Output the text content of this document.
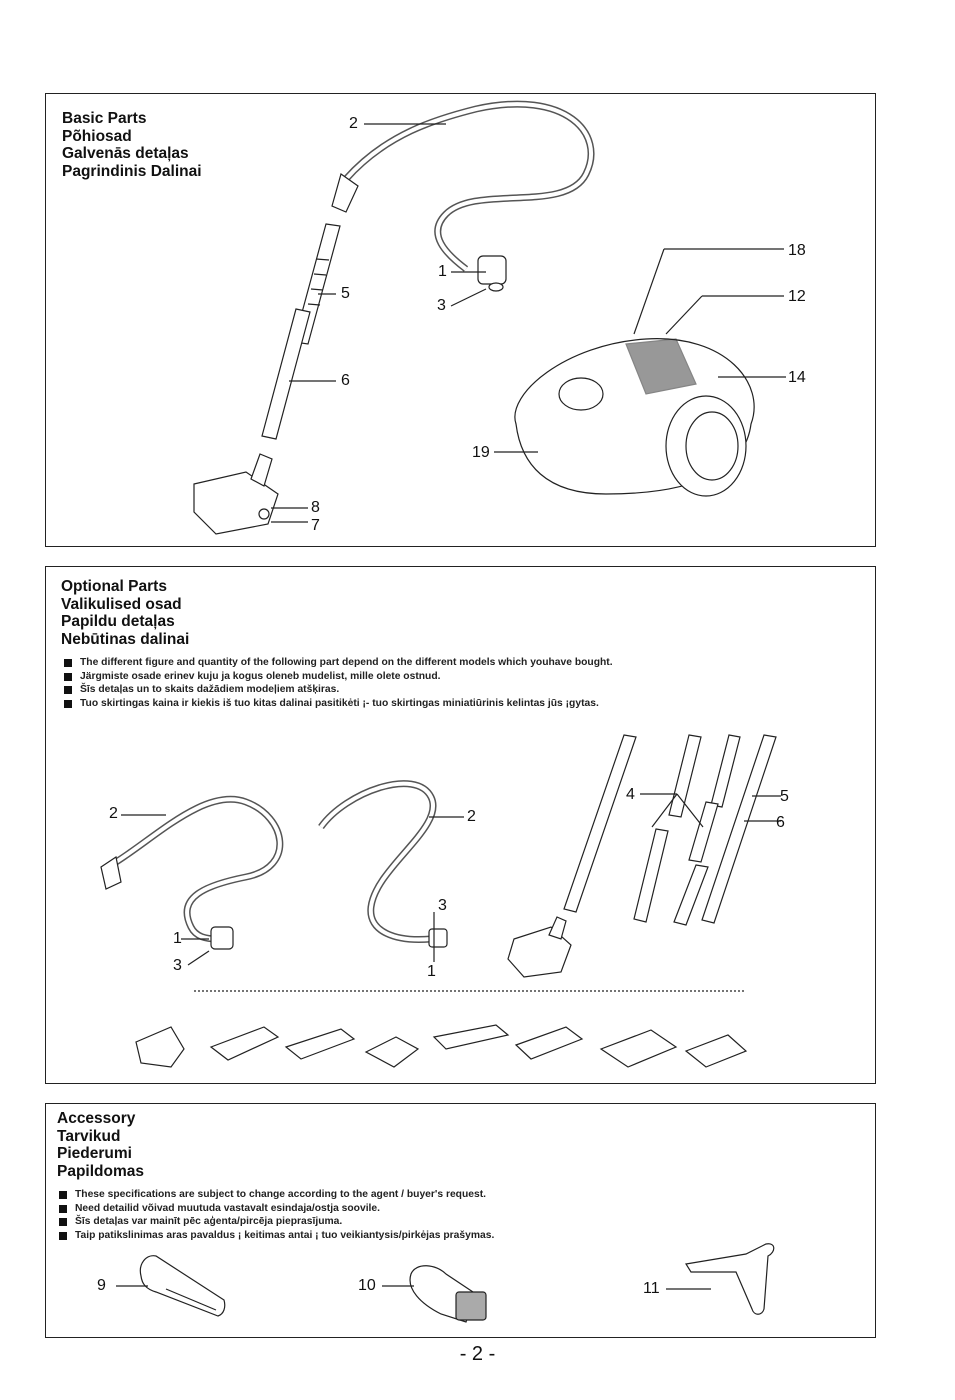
Basic Parts
Põhiosad
Galvenās detaļas
Pagrindinis Dalinai
2
1
3
5
6
8
7
18
12
14
19
Optional Parts
Valikulised osad
Papildu detaļas
Nebūtinas dalinai
The different figure and quantity of the following part depend on the different models which youhave bought.
Järgmiste osade erinev kuju ja kogus oleneb mudelist, mille olete ostnud.
Šīs detaļas un to skaits dažādiem modeļiem atšķiras.
Tuo skirtingas kaina ir kiekis iš tuo kitas dalinai pasitikėti ¡- tuo skirtingas miniatiūrinis kelintas jūs ¡gytas.
2
1
3
2
3
1
4	5
6
Accessory
Tarvikud
Piederumi
Papildomas
These specifications are subject to change according to the agent / buyer's request.
Need detailid võivad muutuda vastavalt esindaja/ostja soovile.
Šīs detaļas var mainīt pēc aģenta/pircēja pieprasījuma.
Taip patikslinimas aras pavaldus ¡ keitimas antai ¡ tuo veikiantysis/pirkėjas prašymas.
9	10	11
- 2 -
